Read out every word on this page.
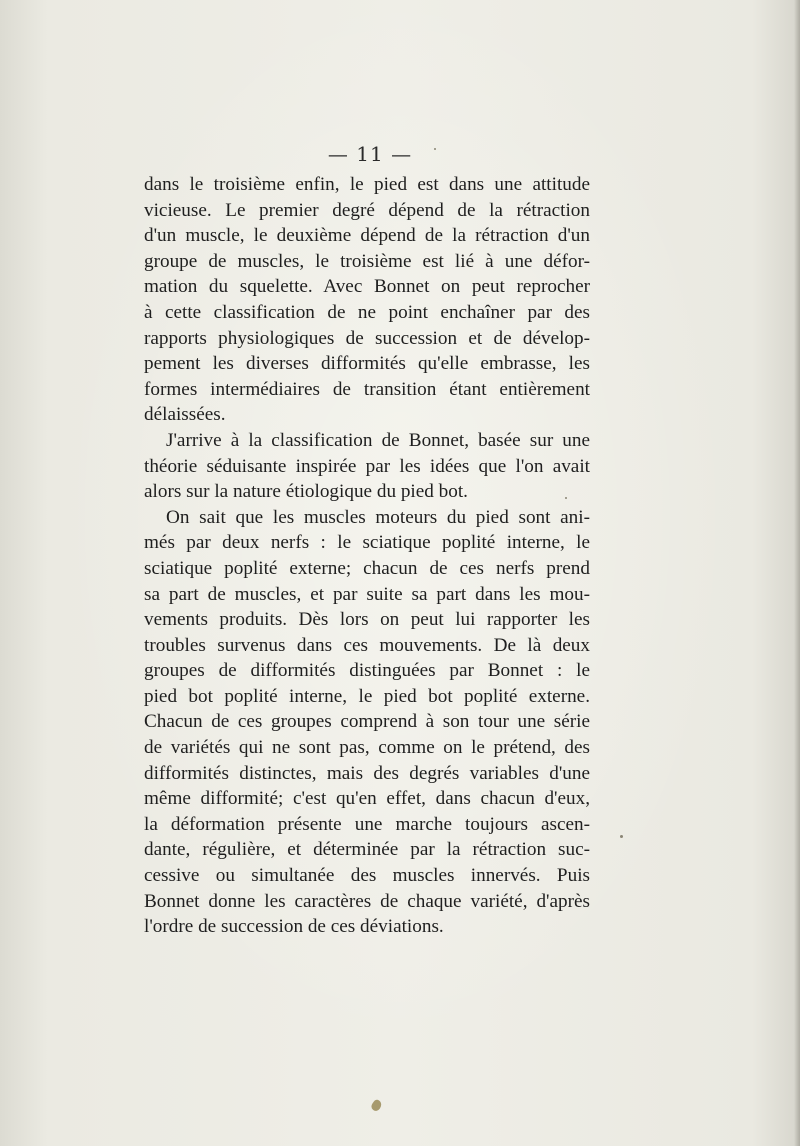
— 11 —
dans le troisième enfin, le pied est dans une attitude
vicieuse. Le premier degré dépend de la rétraction
d'un muscle, le deuxième dépend de la rétraction d'un
groupe de muscles, le troisième est lié à une défor-
mation du squelette. Avec Bonnet on peut reprocher
à cette classification de ne point enchaîner par des
rapports physiologiques de succession et de dévelop-
pement les diverses difformités qu'elle embrasse, les
formes intermédiaires de transition étant entièrement
délaissées.
J'arrive à la classification de Bonnet, basée sur une
théorie séduisante inspirée par les idées que l'on avait
alors sur la nature étiologique du pied bot.
On sait que les muscles moteurs du pied sont ani-
més par deux nerfs : le sciatique poplité interne, le
sciatique poplité externe; chacun de ces nerfs prend
sa part de muscles, et par suite sa part dans les mou-
vements produits. Dès lors on peut lui rapporter les
troubles survenus dans ces mouvements. De là deux
groupes de difformités distinguées par Bonnet : le
pied bot poplité interne, le pied bot poplité externe.
Chacun de ces groupes comprend à son tour une série
de variétés qui ne sont pas, comme on le prétend, des
difformités distinctes, mais des degrés variables d'une
même difformité; c'est qu'en effet, dans chacun d'eux,
la déformation présente une marche toujours ascen-
dante, régulière, et déterminée par la rétraction suc-
cessive ou simultanée des muscles innervés. Puis
Bonnet donne les caractères de chaque variété, d'après
l'ordre de succession de ces déviations.
